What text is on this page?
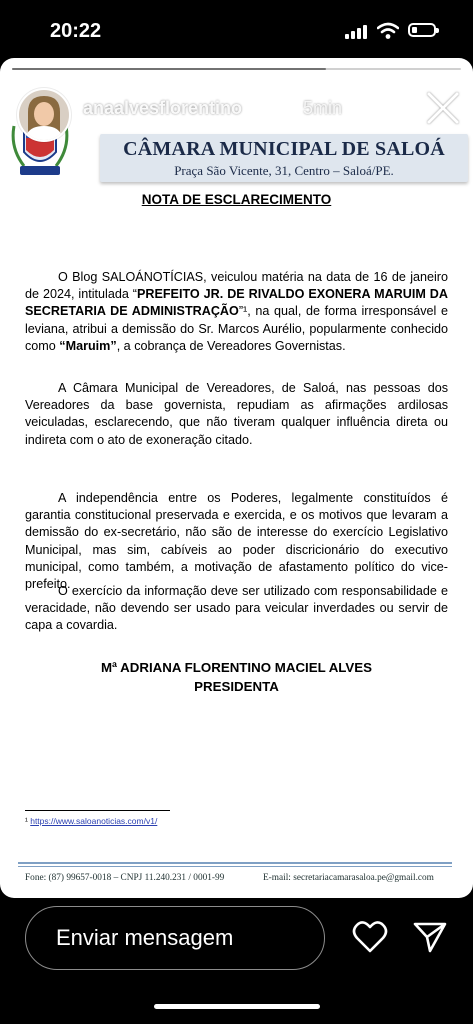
20:22
CÂMARA MUNICIPAL DE SALOÁ
Praça São Vicente, 31, Centro – Saloá/PE.
anaalvesflorentino	5min
NOTA DE ESCLARECIMENTO
O Blog SALOÁNOTÍCIAS, veiculou matéria na data de 16 de janeiro de 2024, intitulada “PREFEITO JR. DE RIVALDO EXONERA MARUIM DA SECRETARIA DE ADMINISTRAÇÃO”¹, na qual, de forma irresponsável e leviana, atribui a demissão do Sr. Marcos Aurélio, popularmente conhecido como “Maruim”, a cobrança de Vereadores Governistas.
A Câmara Municipal de Vereadores, de Saloá, nas pessoas dos Vereadores da base governista, repudiam as afirmações ardilosas veiculadas, esclarecendo, que não tiveram qualquer influência direta ou indireta com o ato de exoneração citado.
A independência entre os Poderes, legalmente constituídos é garantia constitucional preservada e exercida, e os motivos que levaram a demissão do ex-secretário, não são de interesse do exercício Legislativo Municipal, mas sim, cabíveis ao poder discricionário do executivo municipal, como também, a motivação de afastamento político do vice-prefeito.
O exercício da informação deve ser utilizado com responsabilidade e veracidade, não devendo ser usado para veicular inverdades ou servir de capa a covardia.
Mª ADRIANA FLORENTINO MACIEL ALVES
PRESIDENTA
¹ https://www.saloanoticias.com/v1/
Fone: (87) 99657-0018 – CNPJ 11.240.231 / 0001-99	E-mail: secretariacamarasaloa.pe@gmail.com
Enviar mensagem
